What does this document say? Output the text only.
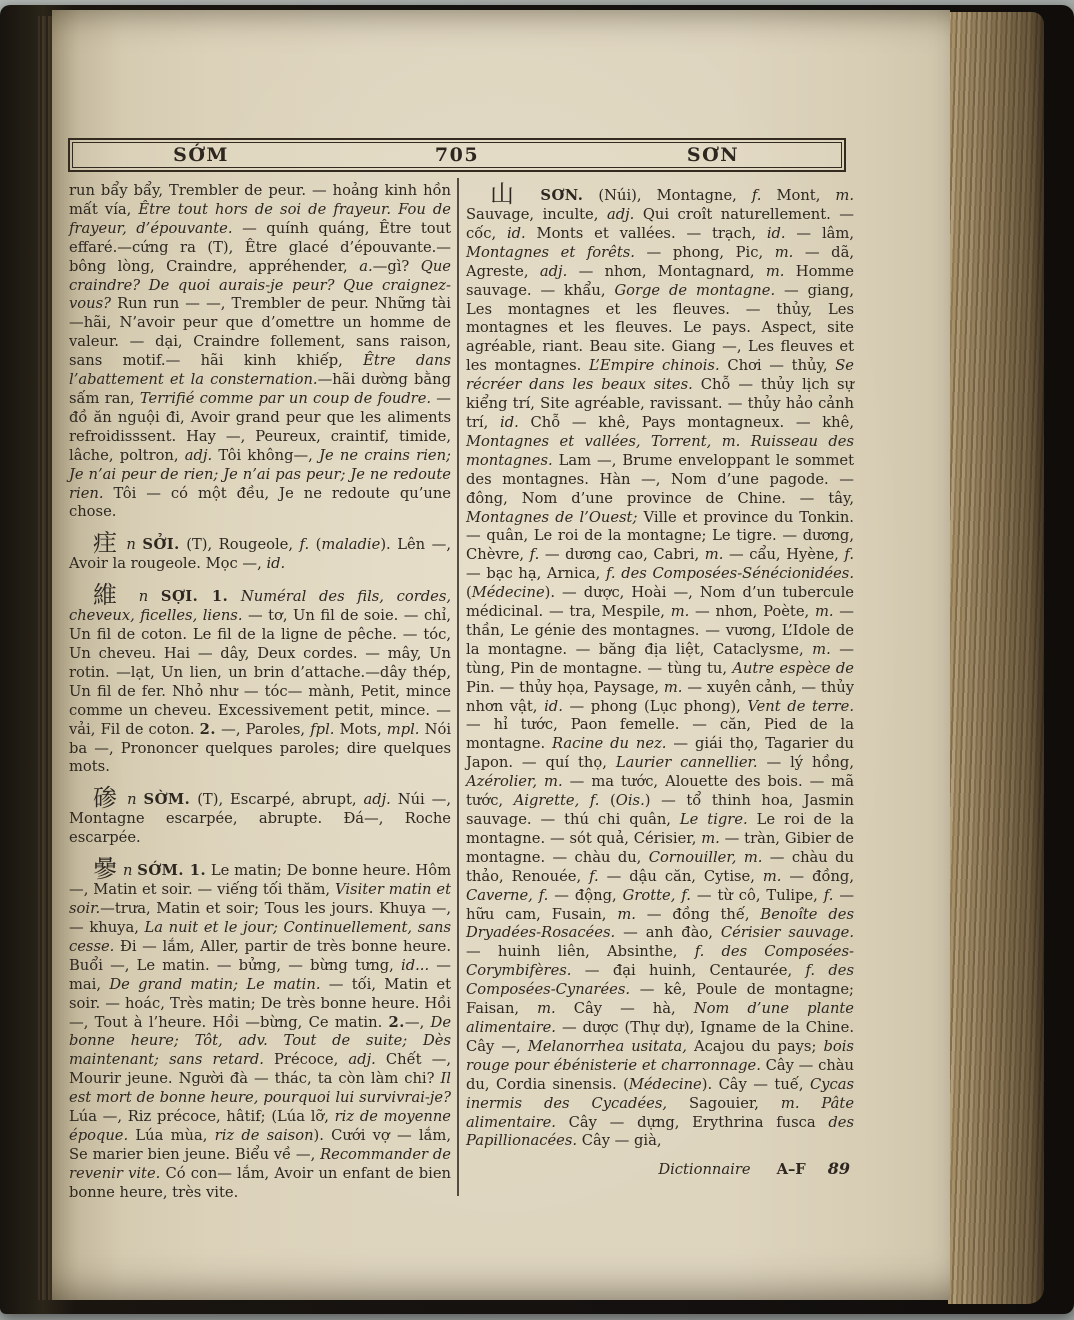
SỚM	705	SƠN

run bẩy bẩy, Trembler de peur. — hoảng kinh hồn mất vía, Être tout hors de soi de frayeur. Fou de frayeur, d’épouvante. — quính quáng, Être tout effaré.—cứng ra (T), Être glacé d’épouvante.—bông lòng, Craindre, appréhender, a.—gì? Que craindre? De quoi aurais-je peur? Que craignez-vous? Run run — —, Trembler de peur. Những tài—hãi, N’avoir peur que d’omettre un homme de valeur. — dại, Craindre follement, sans raison, sans motif.— hãi kinh khiếp, Être dans l’abattement et la consternation.—hãi dường bằng sấm ran, Terrifié comme par un coup de foudre. — đồ ăn nguội đi, Avoir grand peur que les aliments refroidisssent. Hay —, Peureux, craintif, timide, lâche, poltron, adj. Tôi không—, Je ne crains rien; Je n’ai peur de rien; Je n’ai pas peur; Je ne redoute rien. Tôi — có một đều, Je ne redoute qu’une chose.

疰 n SỞI. (T), Rougeole, f. (maladie). Lên —, Avoir la rougeole. Mọc —, id.

維 n SỢI. 1. Numéral des fils, cordes, cheveux, ficelles, liens. — tơ, Un fil de soie. — chỉ, Un fil de coton. Le fil de la ligne de pêche. — tóc, Un cheveu. Hai — dây, Deux cordes. — mây, Un rotin. —lạt, Un lien, un brin d’attache.—dây thép, Un fil de fer. Nhỏ như — tóc— mành, Petit, mince comme un cheveu. Excessivement petit, mince. — vải, Fil de coton. 2. —, Paroles, fpl. Mots, mpl. Nói ba —, Prononcer quelques paroles; dire quelques mots.

碜 n SỜM. (T), Escarpé, abrupt, adj. Núi —, Montagne escarpée, abrupte. Đá—, Roche escarpée.

曑 n SỚM. 1. Le matin; De bonne heure. Hôm —, Matin et soir. — viếng tối thăm, Visiter matin et soir.—trưa, Matin et soir; Tous les jours. Khuya —, — khuya, La nuit et le jour; Continuellement, sans cesse. Đi — lắm, Aller, partir de très bonne heure. Buổi —, Le matin. — bửng, — bừng tưng, id... — mai, De grand matin; Le matin. — tối, Matin et soir. — hoác, Très matin; De très bonne heure. Hồi —, Tout à l’heure. Hồi —bừng, Ce matin. 2.—, De bonne heure; Tôt, adv. Tout de suite; Dès maintenant; sans retard. Précoce, adj. Chết —, Mourir jeune. Người đà — thác, ta còn làm chi? Il est mort de bonne heure, pourquoi lui survivrai-je? Lúa —, Riz précoce, hâtif; (Lúa lỡ, riz de moyenne époque. Lúa mùa, riz de saison). Cưới vợ — lắm, Se marier bien jeune. Biểu về —, Recommander de revenir vite. Có con— lắm, Avoir un enfant de bien bonne heure, très vite.

山 SƠN. (Núi), Montagne, f. Mont, m. Sauvage, inculte, adj. Qui croît naturellement. — cốc, id. Monts et vallées. — trạch, id. — lâm, Montagnes et forêts. — phong, Pic, m. — dã, Agreste, adj. — nhơn, Montagnard, m. Homme sauvage. — khẩu, Gorge de montagne. — giang, Les montagnes et les fleuves. — thủy, Les montagnes et les fleuves. Le pays. Aspect, site agréable, riant. Beau site. Giang —, Les fleuves et les montagnes. L’Empire chinois. Chơi — thủy, Se récréer dans les beaux sites. Chỗ — thủy lịch sự kiểng trí, Site agréable, ravissant. — thủy hảo cảnh trí, id. Chỗ — khê, Pays montagneux. — khê, Montagnes et vallées, Torrent, m. Ruisseau des montagnes. Lam —, Brume enveloppant le sommet des montagnes. Hàn —, Nom d’une pagode. — đông, Nom d’une province de Chine. — tây, Montagnes de l’Ouest; Ville et province du Tonkin. — quân, Le roi de la montagne; Le tigre. — dương, Chèvre, f. — dương cao, Cabri, m. — cẩu, Hyène, f. — bạc hạ, Arnica, f. des Composées-Sénécionidées. (Médecine). — dược, Hoài —, Nom d’un tubercule médicinal. — tra, Mespile, m. — nhơn, Poète, m. — thần, Le génie des montagnes. — vương, L’Idole de la montagne. — băng địa liệt, Cataclysme, m. — tùng, Pin de montagne. — tùng tu, Autre espèce de Pin. — thủy họa, Paysage, m. — xuyên cảnh, — thủy nhơn vật, id. — phong (Lục phong), Vent de terre. — hỉ tước, Paon femelle. — căn, Pied de la montagne. Racine du nez. — giái thọ, Tagarier du Japon. — quí thọ, Laurier cannellier. — lý hồng, Azérolier, m. — ma tước, Alouette des bois. — mã tước, Aigrette, f. (Ois.) — tổ thinh hoa, Jasmin sauvage. — thú chi quân, Le tigre. Le roi de la montagne. — sót quả, Cérisier, m. — tràn, Gibier de montagne. — chàu du, Cornouiller, m. — chàu du thảo, Renouée, f. — dậu căn, Cytise, m. — đồng, Caverne, f. — động, Grotte, f. — từ cô, Tulipe, f. — hữu cam, Fusain, m. — đồng thế, Benoîte des Dryadées-Rosacées. — anh đào, Cérisier sauvage. — huinh liên, Absinthe, f. des Composées-Corymbifères. — đại huinh, Centaurée, f. des Composées-Cynarées. — kê, Poule de montagne; Faisan, m. Cây — hà, Nom d’une plante alimentaire. — dược (Thự dự), Igname de la Chine. Cây —, Melanorrhea usitata, Acajou du pays; bois rouge pour ébénisterie et charronnage. Cây — chàu du, Cordia sinensis. (Médecine). Cây — tuế, Cycas inermis des Cycadées, Sagouier, m. Pâte alimentaire. Cây — dựng, Erythrina fusca des Papillionacées. Cây — già,

Dictionnaire A–F 89
